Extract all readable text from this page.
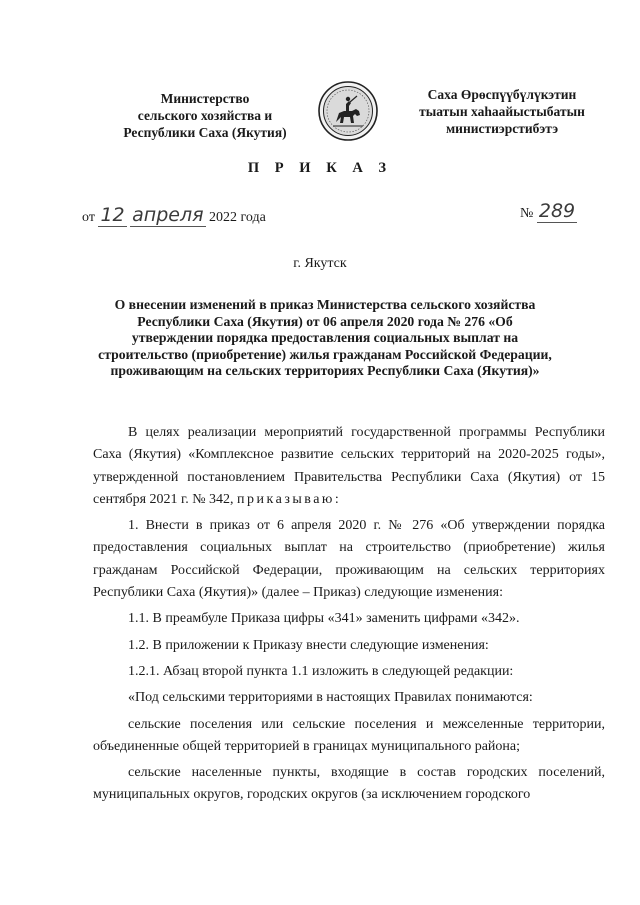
Министерство
сельского хозяйства и
Республики Саха (Якутия)
Саха Өрөспүүбүлүкэтин
тыатын хаһаайыстыбатын
министиэрстибэтэ
П Р И К А З
от 12 апреля 2022 года	№ 289
г. Якутск
О внесении изменений в приказ Министерства сельского хозяйства Республики Саха (Якутия) от 06 апреля 2020 года № 276 «Об утверждении порядка предоставления социальных выплат на строительство (приобретение) жилья гражданам Российской Федерации, проживающим на сельских территориях Республики Саха (Якутия)»

В целях реализации мероприятий государственной программы Республики Саха (Якутия) «Комплексное развитие сельских территорий на 2020-2025 годы», утвержденной постановлением Правительства Республики Саха (Якутия) от 15 сентября 2021 г. № 342, приказываю:

1. Внести в приказ от 6 апреля 2020 г. № 276 «Об утверждении порядка предоставления социальных выплат на строительство (приобретение) жилья гражданам Российской Федерации, проживающим на сельских территориях Республики Саха (Якутия)» (далее – Приказ) следующие изменения:

1.1. В преамбуле Приказа цифры «341» заменить цифрами «342».

1.2. В приложении к Приказу внести следующие изменения:

1.2.1. Абзац второй пункта 1.1 изложить в следующей редакции:

«Под сельскими территориями в настоящих Правилах понимаются:

сельские поселения или сельские поселения и межселенные территории, объединенные общей территорией в границах муниципального района;

сельские населенные пункты, входящие в состав городских поселений, муниципальных округов, городских округов (за исключением городского
